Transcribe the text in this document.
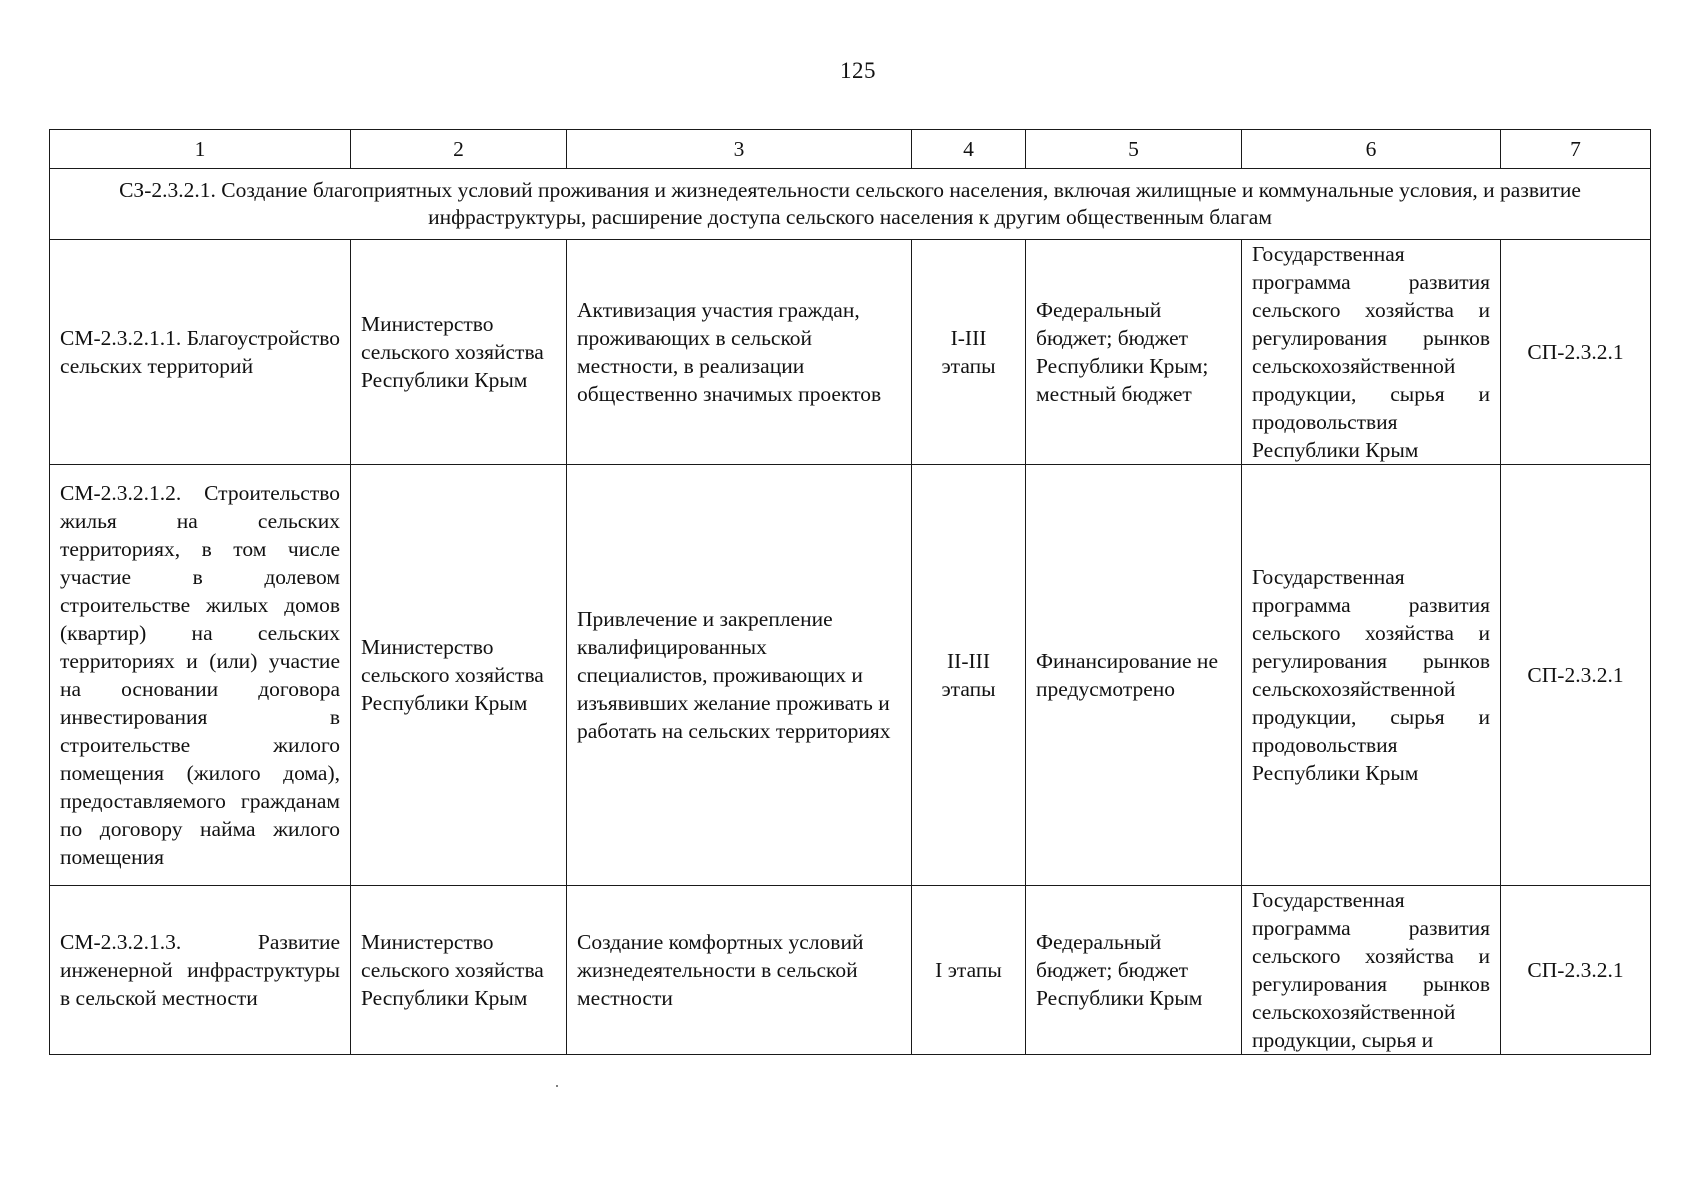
125
1	2	3	4	5	6	7
СЗ-2.3.2.1. Создание благоприятных условий проживания и жизнедеятельности сельского населения, включая жилищные и коммунальные условия, и развитие инфраструктуры, расширение доступа сельского населения к другим общественным благам						
СМ-2.3.2.1.1. Благоустройство сельских территорий	Министерство сельского хозяйства Республики Крым	Активизация участия граждан, проживающих в сельской местности, в реализации общественно значимых проектов	I-III этапы	Федеральный бюджет; бюджет Республики Крым; местный бюджет	Государственная программа развития сельского хозяйства и регулирования рынков сельскохозяйственной продукции, сырья и продовольствия Республики Крым	СП-2.3.2.1
СМ-2.3.2.1.2. Строительство жилья на сельских территориях, в том числе участие в долевом строительстве жилых домов (квартир) на сельских территориях и (или) участие на основании договора инвестирования в строительстве жилого помещения (жилого дома), предоставляемого гражданам по договору найма жилого помещения	Министерство сельского хозяйства Республики Крым	Привлечение и закрепление квалифицированных специалистов, проживающих и изъявивших желание проживать и работать на сельских территориях	II-III этапы	Финансирование не предусмотрено	Государственная программа развития сельского хозяйства и регулирования рынков сельскохозяйственной продукции, сырья и продовольствия Республики Крым	СП-2.3.2.1
СМ-2.3.2.1.3. Развитие инженерной инфраструктуры в сельской местности	Министерство сельского хозяйства Республики Крым	Создание комфортных условий жизнедеятельности в сельской местности	I этапы	Федеральный бюджет; бюджет Республики Крым	Государственная программа развития сельского хозяйства и регулирования рынков сельскохозяйственной продукции, сырья и	СП-2.3.2.1
